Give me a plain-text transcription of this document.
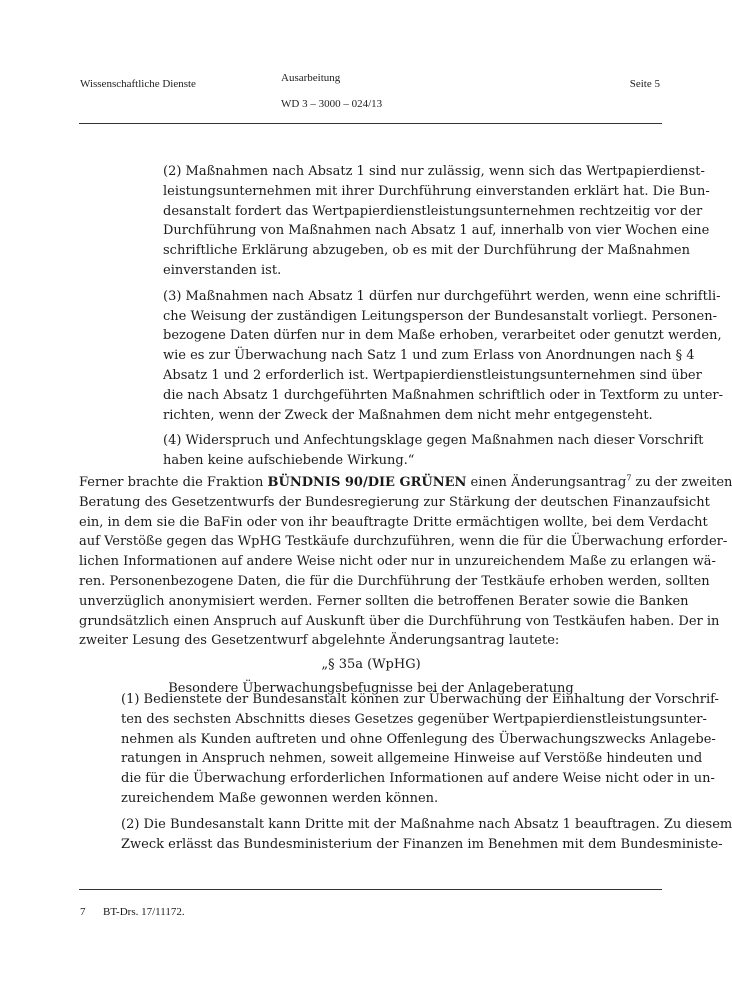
Wissenschaftliche Dienste	Ausarbeitung
WD 3 – 3000 – 024/13
Seite 5
(2) Maßnahmen nach Absatz 1 sind nur zulässig, wenn sich das Wertpapierdienst-
leistungsunternehmen mit ihrer Durchführung einverstanden erklärt hat. Die Bun-
desanstalt fordert das Wertpapierdienstleistungsunternehmen rechtzeitig vor der
Durchführung von Maßnahmen nach Absatz 1 auf, innerhalb von vier Wochen eine
schriftliche Erklärung abzugeben, ob es mit der Durchführung der Maßnahmen
einverstanden ist.
(3) Maßnahmen nach Absatz 1 dürfen nur durchgeführt werden, wenn eine schriftli-
che Weisung der zuständigen Leitungsperson der Bundesanstalt vorliegt. Personen-
bezogene Daten dürfen nur in dem Maße erhoben, verarbeitet oder genutzt werden,
wie es zur Überwachung nach Satz 1 und zum Erlass von Anordnungen nach § 4
Absatz 1 und 2 erforderlich ist. Wertpapierdienstleistungsunternehmen sind über
die nach Absatz 1 durchgeführten Maßnahmen schriftlich oder in Textform zu unter-
richten, wenn der Zweck der Maßnahmen dem nicht mehr entgegensteht.
(4) Widerspruch und Anfechtungsklage gegen Maßnahmen nach dieser Vorschrift
haben keine aufschiebende Wirkung.“
Ferner brachte die Fraktion BÜNDNIS 90/DIE GRÜNEN einen Änderungsantrag$^7$ zu der zweiten
Beratung des Gesetzentwurfs der Bundesregierung zur Stärkung der deutschen Finanzaufsicht
ein, in dem sie die BaFin oder von ihr beauftragte Dritte ermächtigen wollte, bei dem Verdacht
auf Verstöße gegen das WpHG Testkäufe durchzuführen, wenn die für die Überwachung erforder-
lichen Informationen auf andere Weise nicht oder nur in unzureichendem Maße zu erlangen wä-
ren. Personenbezogene Daten, die für die Durchführung der Testkäufe erhoben werden, sollten
unverzüglich anonymisiert werden. Ferner sollten die betroffenen Berater sowie die Banken
grundsätzlich einen Anspruch auf Auskunft über die Durchführung von Testkäufen haben. Der in
zweiter Lesung des Gesetzentwurf abgelehnte Änderungsantrag lautete:
„§ 35a (WpHG)
Besondere Überwachungsbefugnisse bei der Anlageberatung
(1) Bedienstete der Bundesanstalt können zur Überwachung der Einhaltung der Vorschrif-
ten des sechsten Abschnitts dieses Gesetzes gegenüber Wertpapierdienstleistungsunter-
nehmen als Kunden auftreten und ohne Offenlegung des Überwachungszwecks Anlagebe-
ratungen in Anspruch nehmen, soweit allgemeine Hinweise auf Verstöße hindeuten und
die für die Überwachung erforderlichen Informationen auf andere Weise nicht oder in un-
zureichendem Maße gewonnen werden können.
(2) Die Bundesanstalt kann Dritte mit der Maßnahme nach Absatz 1 beauftragen. Zu diesem
Zweck erlässt das Bundesministerium der Finanzen im Benehmen mit dem Bundesministe-
7 BT-Drs. 17/11172.
